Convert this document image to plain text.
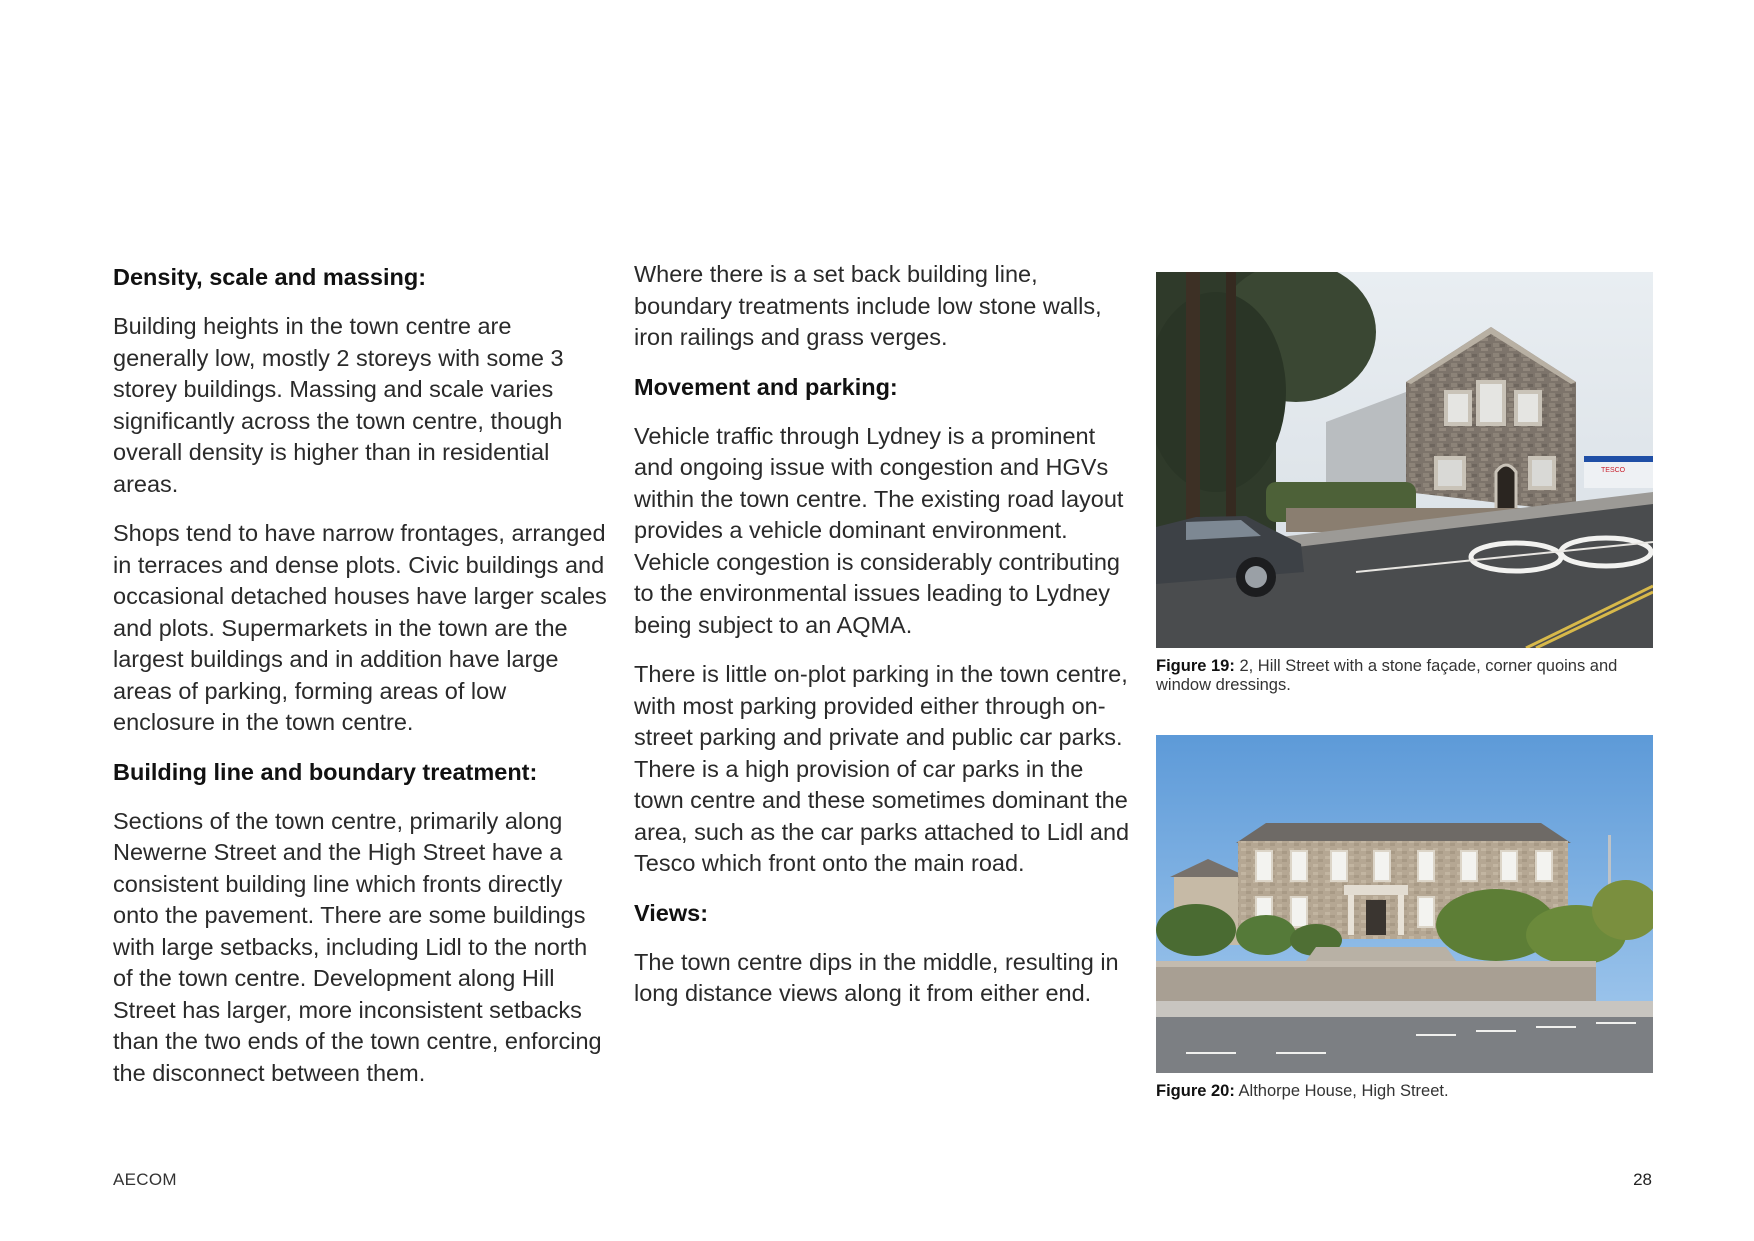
Density, scale and massing:

Building heights in the town centre are generally low, mostly 2 storeys with some 3 storey buildings. Massing and scale varies significantly across the town centre, though overall density is higher than in residential areas.

Shops tend to have narrow frontages, arranged in terraces and dense plots. Civic buildings and occasional detached houses have larger scales and plots. Supermarkets in the town are the largest buildings and in addition have large areas of parking, forming areas of low enclosure in the town centre.

Building line and boundary treatment:

Sections of the town centre, primarily along Newerne Street and the High Street have a consistent building line which fronts directly onto the pavement. There are some buildings with large setbacks, including Lidl to the north of the town centre. Development along Hill Street has larger, more inconsistent setbacks than the two ends of the town centre, enforcing the disconnect between them.

Where there is a set back building line, boundary treatments include low stone walls, iron railings and grass verges.

Movement and parking:

Vehicle traffic through Lydney is a prominent and ongoing issue with congestion and HGVs within the town centre. The existing road layout provides a vehicle dominant environment. Vehicle congestion is considerably contributing to the environmental issues leading to Lydney being subject to an AQMA.

There is little on-plot parking in the town centre, with most parking provided either through on-street parking and private and public car parks. There is a high provision of car parks in the town centre and these sometimes dominant the area, such as the car parks attached to Lidl and Tesco which front onto the main road.

Views:

The town centre dips in the middle, resulting in long distance views along it from either end.

TESCO
Figure 19: 2, Hill Street with a stone façade, corner quoins and window dressings.
Figure 20: Althorpe House, High Street.
AECOM	28
